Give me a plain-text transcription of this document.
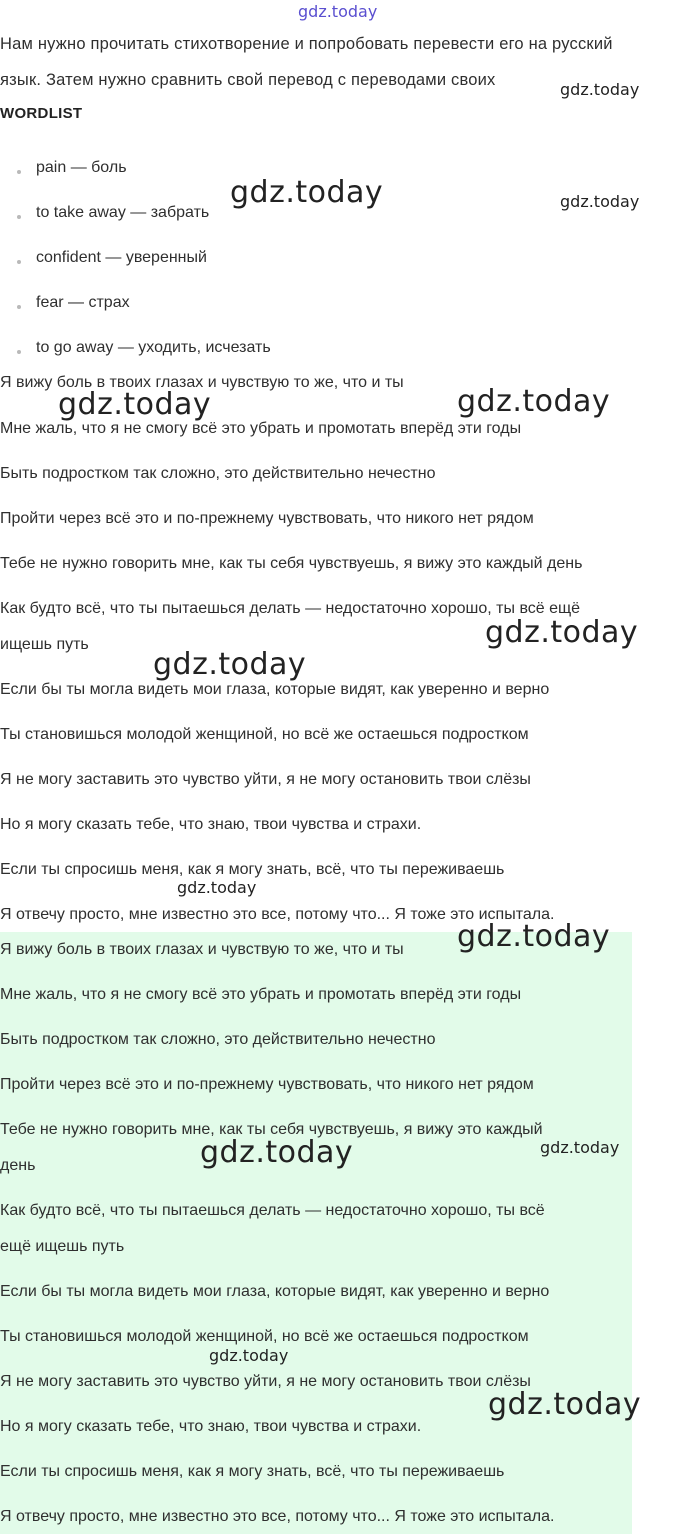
Нам нужно прочитать стихотворение и попробовать перевести его на русский
язык. Затем нужно сравнить свой перевод с переводами своих
WORDLIST
pain — боль
to take away — забрать
confident — уверенный
fear — страх
to go away — уходить, исчезать
Я вижу боль в твоих глазах и чувствую то же, что и ты
Мне жаль, что я не смогу всё это убрать и промотать вперёд эти годы
Быть подростком так сложно, это действительно нечестно
Пройти через всё это и по-прежнему чувствовать, что никого нет рядом
Тебе не нужно говорить мне, как ты себя чувствуешь, я вижу это каждый день
Как будто всё, что ты пытаешься делать — недостаточно хорошо, ты всё ещё
ищешь путь
Если бы ты могла видеть мои глаза, которые видят, как уверенно и верно
Ты становишься молодой женщиной, но всё же остаешься подростком
Я не могу заставить это чувство уйти, я не могу остановить твои слёзы
Но я могу сказать тебе, что знаю, твои чувства и страхи.
Если ты спросишь меня, как я могу знать, всё, что ты переживаешь
Я отвечу просто, мне известно это все, потому что... Я тоже это испытала.
Я вижу боль в твоих глазах и чувствую то же, что и ты
Мне жаль, что я не смогу всё это убрать и промотать вперёд эти годы
Быть подростком так сложно, это действительно нечестно
Пройти через всё это и по-прежнему чувствовать, что никого нет рядом
Тебе не нужно говорить мне, как ты себя чувствуешь, я вижу это каждый
день
Как будто всё, что ты пытаешься делать — недостаточно хорошо, ты всё
ещё ищешь путь
Если бы ты могла видеть мои глаза, которые видят, как уверенно и верно
Ты становишься молодой женщиной, но всё же остаешься подростком
Я не могу заставить это чувство уйти, я не могу остановить твои слёзы
Но я могу сказать тебе, что знаю, твои чувства и страхи.
Если ты спросишь меня, как я могу знать, всё, что ты переживаешь
Я отвечу просто, мне известно это все, потому что... Я тоже это испытала.
gdz.today
gdz.today
gdz.today	gdz.today
gdz.today	gdz.today
gdz.today
gdz.today
gdz.today
gdz.today
gdz.today
gdz.today
gdz.today
gdz.today
